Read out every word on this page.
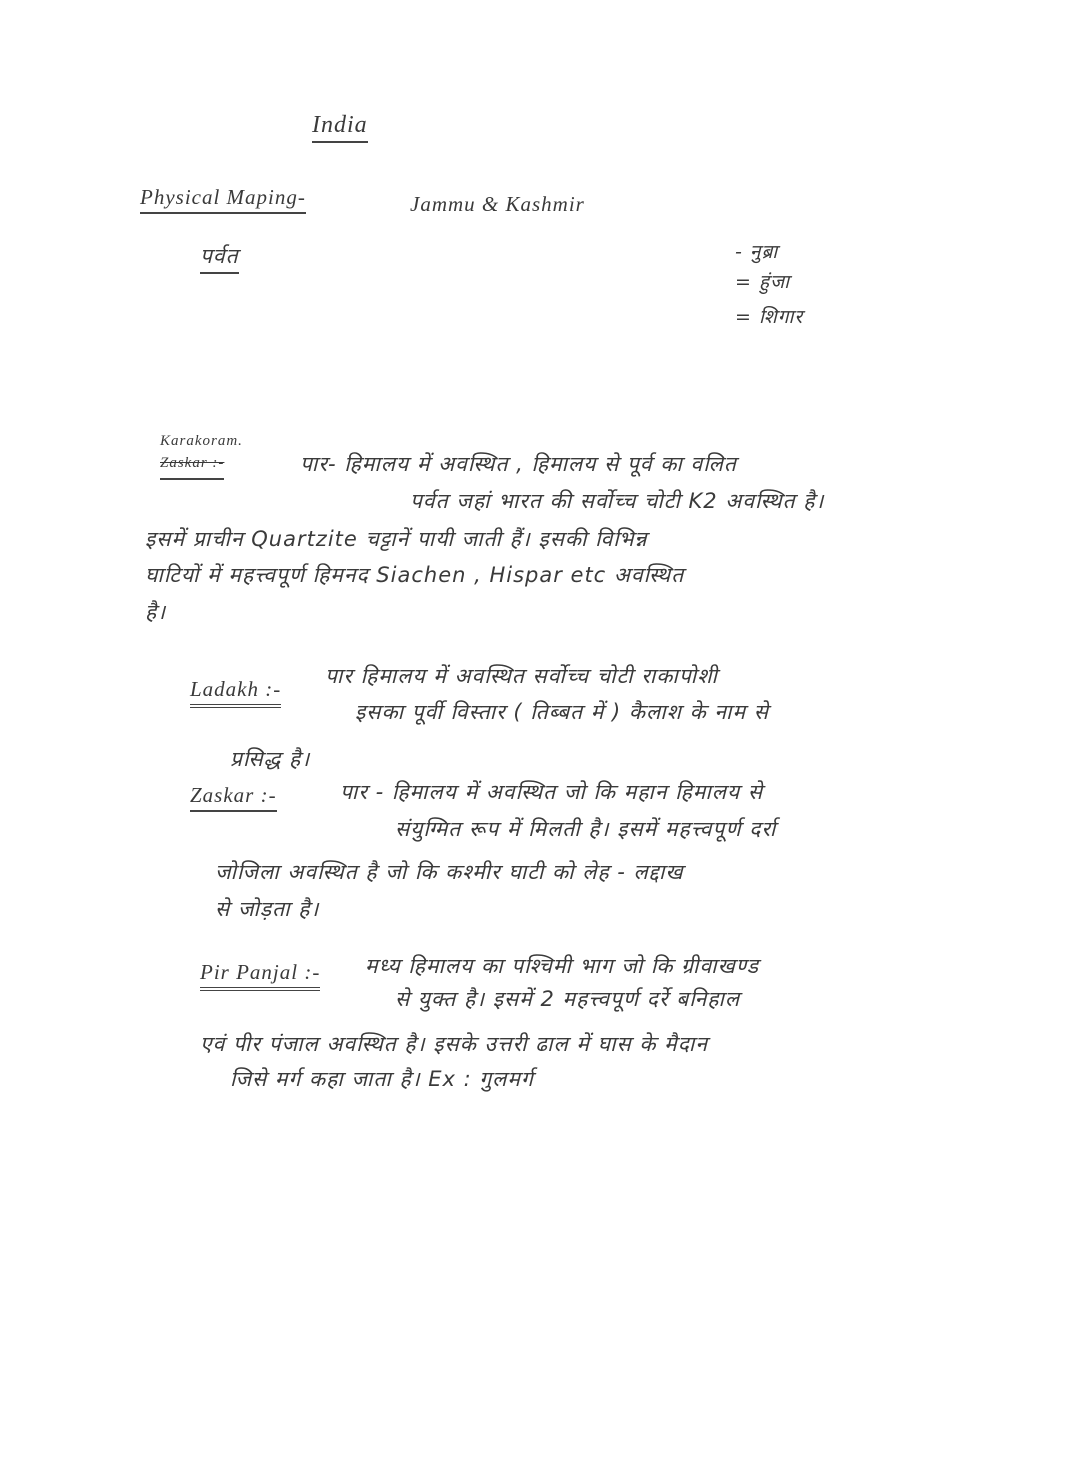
India
Physical Maping-	Jammu & Kashmir
पर्वत	- नुब्रा
= हुंजा
= शिगार
Karakoram.
Zaskar :-	पार- हिमालय में अवस्थित , हिमालय से पूर्व का वलित
पर्वत जहां भारत की सर्वोच्च चोटी K2 अवस्थित है।
इसमें प्राचीन Quartzite चट्टानें पायी जाती हैं। इसकी विभिन्न
घाटियों में महत्त्वपूर्ण हिमनद Siachen , Hispar etc अवस्थित
है।
Ladakh :-
पार हिमालय में अवस्थित सर्वोच्च चोटी राकापोशी
इसका पूर्वी विस्तार ( तिब्बत में ) कैलाश के नाम से
प्रसिद्ध है।
Zaskar :-	पार - हिमालय में अवस्थित जो कि महान हिमालय से
संयुग्मित रूप में मिलती है। इसमें महत्त्वपूर्ण दर्रा
जोजिला अवस्थित है जो कि कश्मीर घाटी को लेह - लद्दाख
से जोड़ता है।
Pir Panjal :- मध्य हिमालय का पश्चिमी भाग जो कि ग्रीवाखण्ड
से युक्त है। इसमें 2 महत्त्वपूर्ण दर्रे बनिहाल
एवं पीर पंजाल अवस्थित है। इसके उत्तरी ढाल में घास के मैदान
जिसे मर्ग कहा जाता है। Ex : गुलमर्ग
